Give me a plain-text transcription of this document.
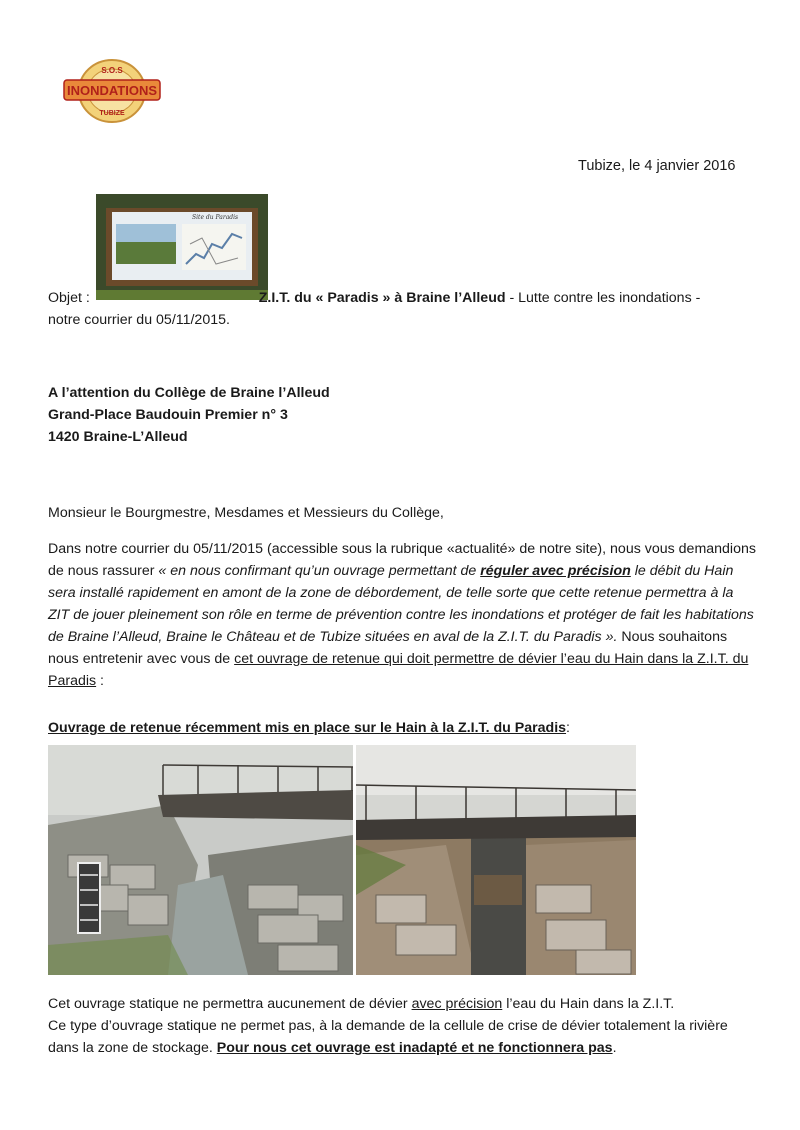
S.O.S
INONDATIONS
TUBIZE
Tubize, le 4 janvier 2016
Site du Paradis
Objet :	Z.I.T. du « Paradis » à Braine l’Alleud - Lutte contre les inondations -
notre courrier du 05/11/2015.
A l’attention du Collège de Braine l’Alleud
Grand-Place Baudouin Premier n° 3
1420 Braine-L’Alleud
Monsieur le Bourgmestre, Mesdames et Messieurs du Collège,
Dans notre courrier du 05/11/2015 (accessible sous la rubrique «actualité» de notre site), nous vous demandions de nous rassurer « en nous confirmant qu’un ouvrage permettant de réguler avec précision le débit du Hain sera installé rapidement en amont de la zone de débordement, de telle sorte que cette retenue permettra à la ZIT de jouer pleinement son rôle en terme de prévention contre les inondations et protéger de fait les habitations de Braine l’Alleud, Braine le Château et de Tubize situées en aval de la Z.I.T. du Paradis ». Nous souhaitons nous entretenir avec vous de cet ouvrage de retenue qui doit permettre de dévier l’eau du Hain dans la Z.I.T. du Paradis :
Ouvrage de retenue récemment mis en place sur le Hain à la Z.I.T. du Paradis:
Cet ouvrage statique ne permettra aucunement de dévier avec précision l’eau du Hain dans la Z.I.T.
Ce type d’ouvrage statique ne permet pas, à la demande de la cellule de crise de dévier totalement la rivière dans la zone de stockage. Pour nous cet ouvrage est inadapté et ne fonctionnera pas.
